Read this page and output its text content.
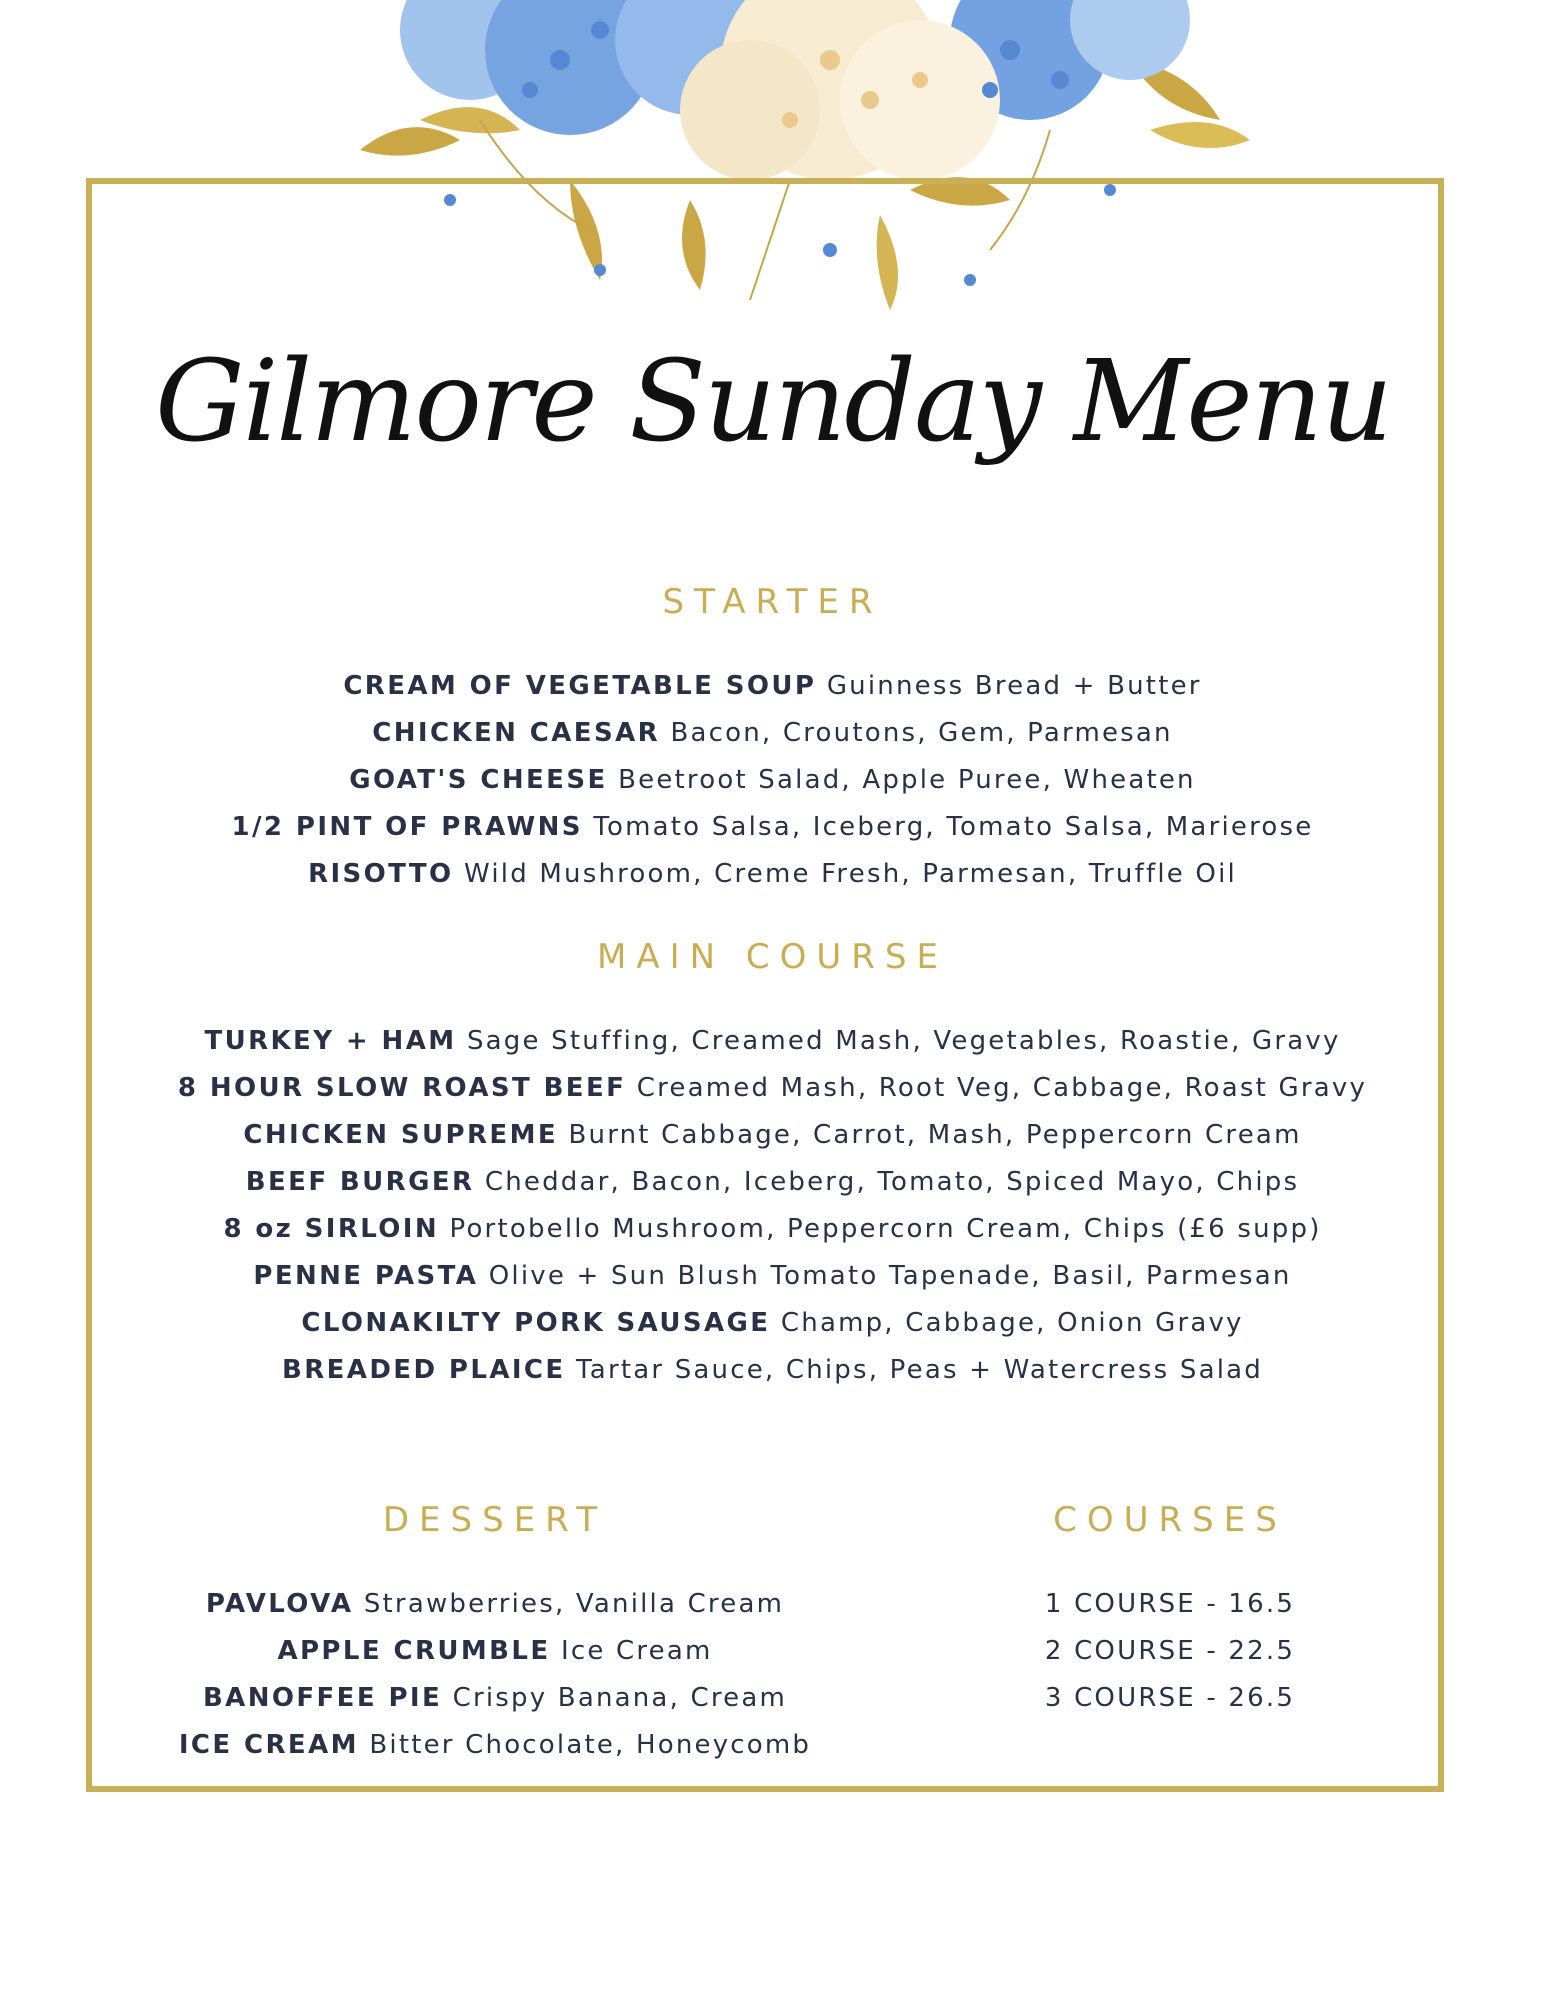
Gilmore Sunday Menu
STARTER
CREAM OF VEGETABLE SOUP Guinness Bread + Butter
CHICKEN CAESAR Bacon, Croutons, Gem, Parmesan
GOAT'S CHEESE Beetroot Salad, Apple Puree, Wheaten
1/2 PINT OF PRAWNS Tomato Salsa, Iceberg, Tomato Salsa, Marierose
RISOTTO Wild Mushroom, Creme Fresh, Parmesan, Truffle Oil
MAIN COURSE
TURKEY + HAM Sage Stuffing, Creamed Mash, Vegetables, Roastie, Gravy
8 HOUR SLOW ROAST BEEF Creamed Mash, Root Veg, Cabbage, Roast Gravy
CHICKEN SUPREME Burnt Cabbage, Carrot, Mash, Peppercorn Cream
BEEF BURGER Cheddar, Bacon, Iceberg, Tomato, Spiced Mayo, Chips
8 oz SIRLOIN Portobello Mushroom, Peppercorn Cream, Chips (£6 supp)
PENNE PASTA Olive + Sun Blush Tomato Tapenade, Basil, Parmesan
CLONAKILTY PORK SAUSAGE Champ, Cabbage, Onion Gravy
BREADED PLAICE Tartar Sauce, Chips, Peas + Watercress Salad
DESSERT
PAVLOVA Strawberries, Vanilla Cream
APPLE CRUMBLE Ice Cream
BANOFFEE PIE Crispy Banana, Cream
ICE CREAM Bitter Chocolate, Honeycomb
COURSES
1 COURSE - 16.5
2 COURSE - 22.5
3 COURSE - 26.5
